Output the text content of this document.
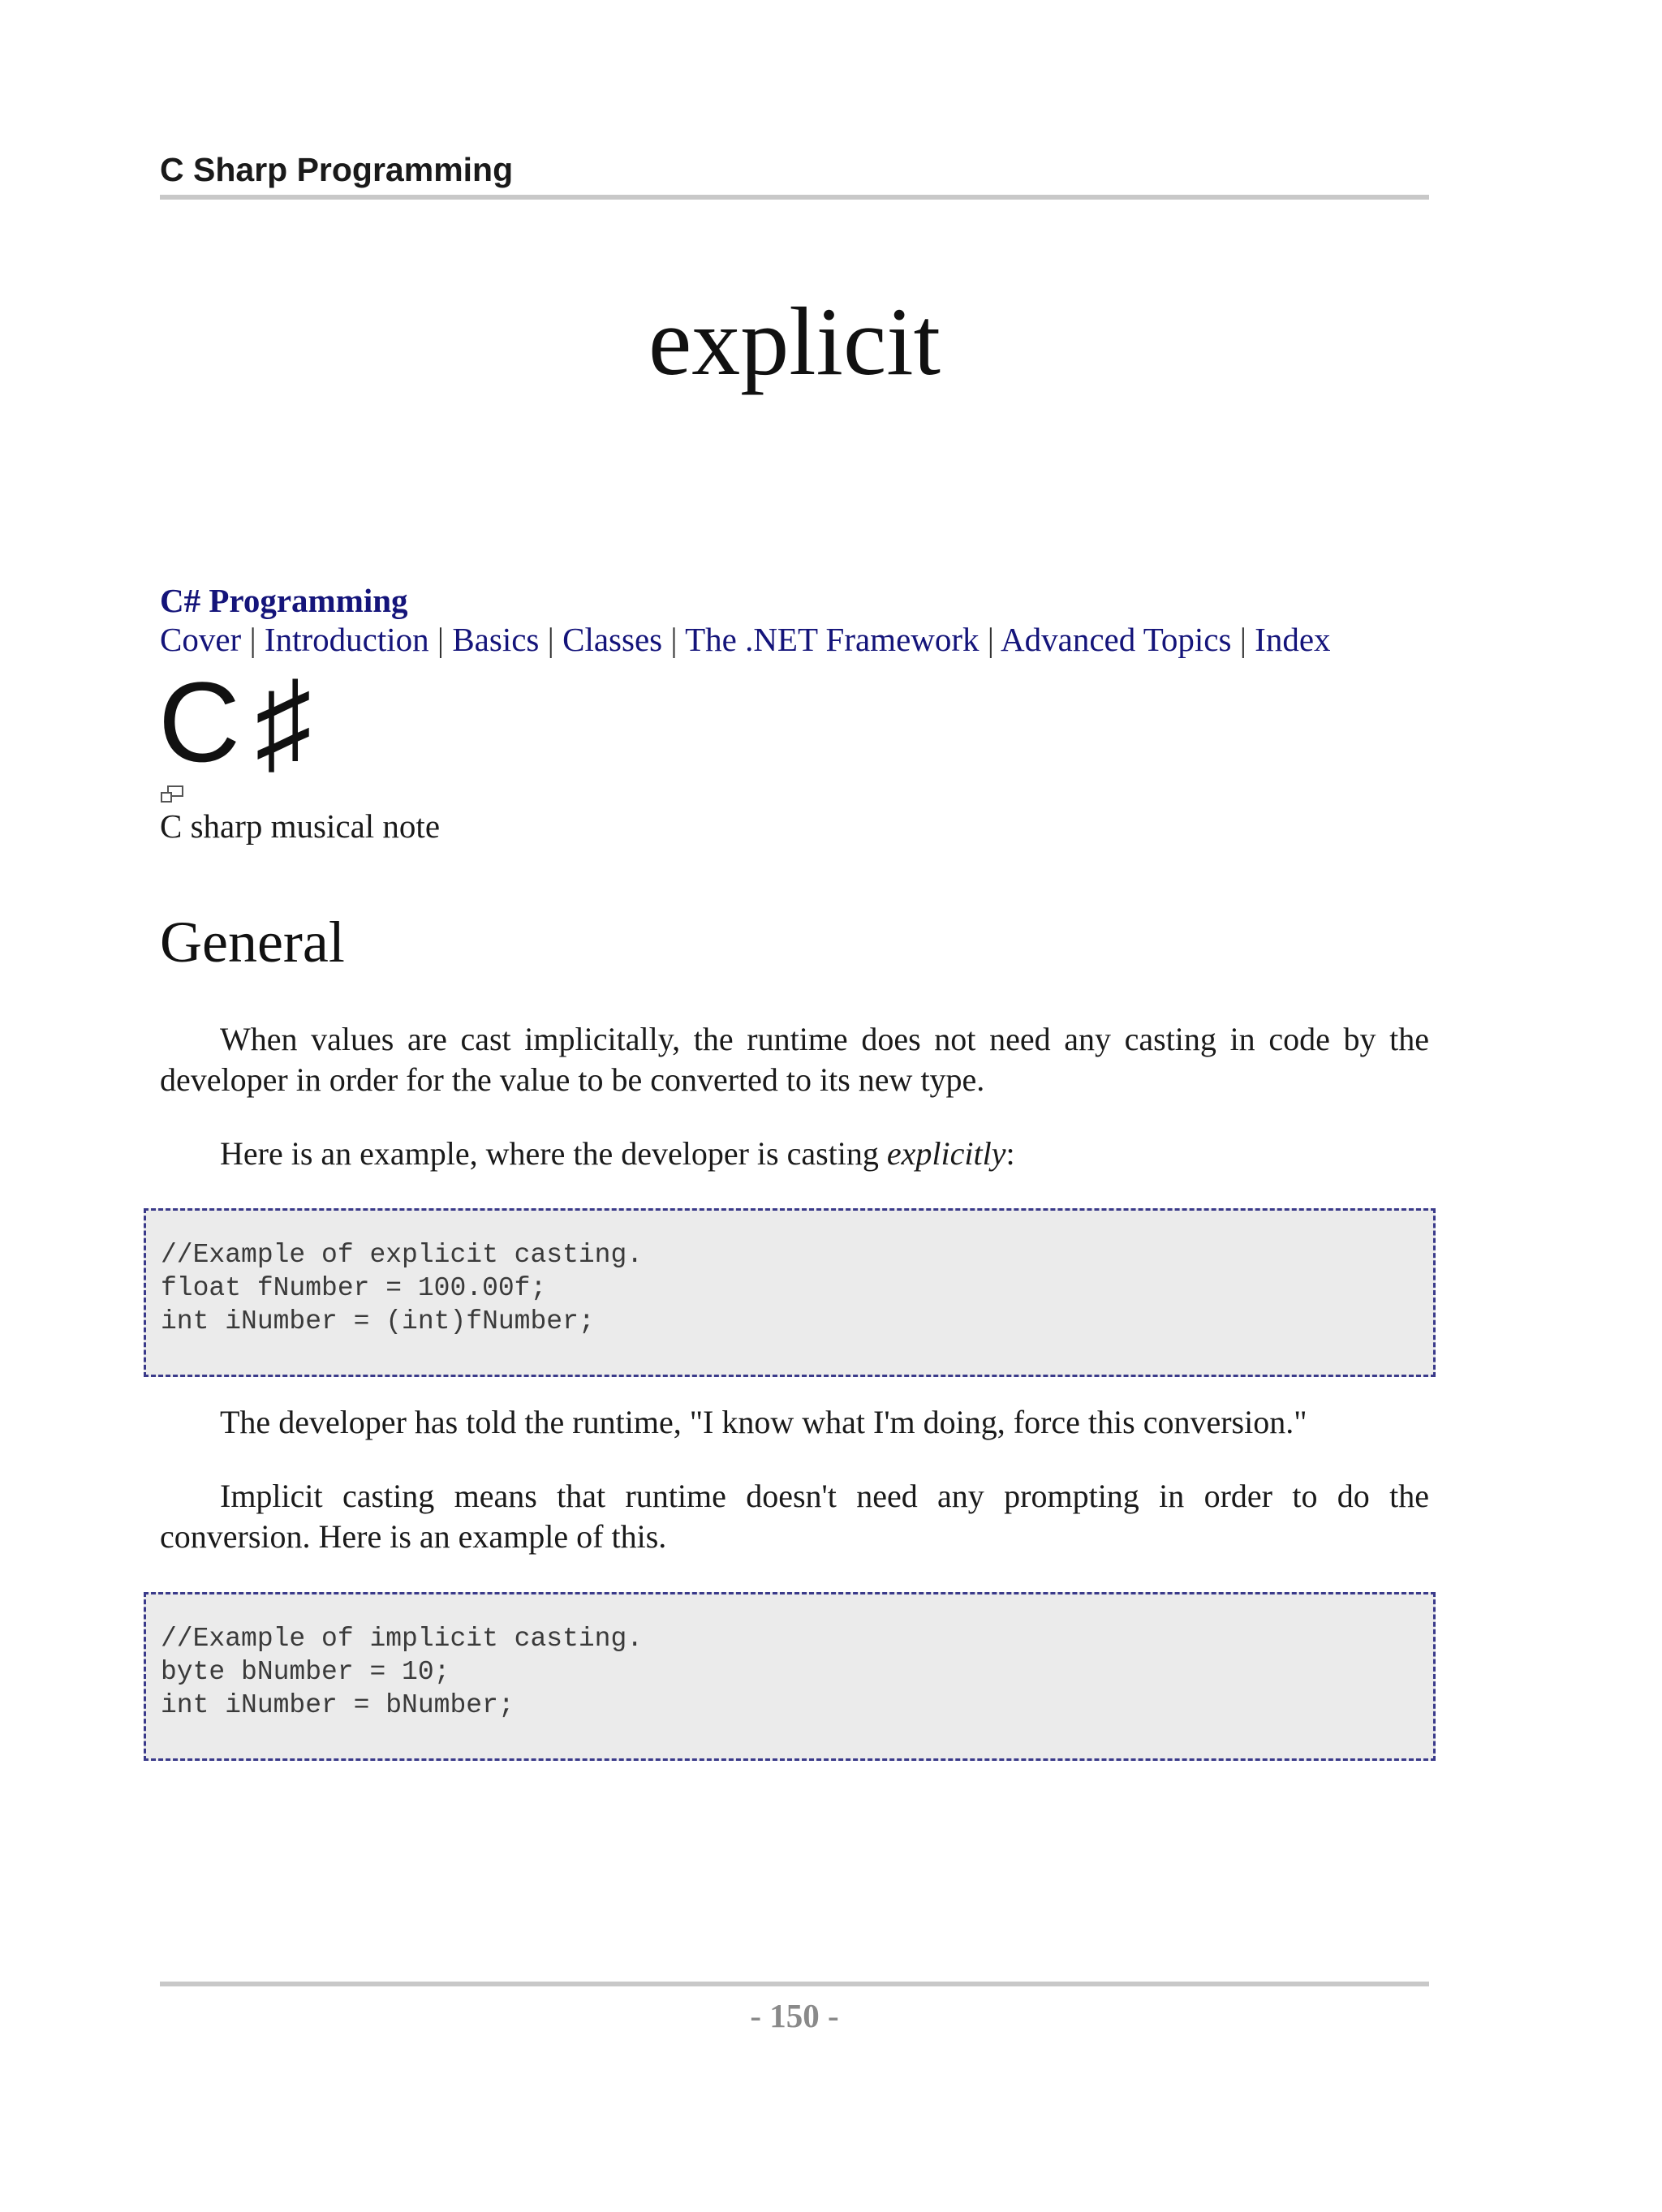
C Sharp Programming
explicit
C# Programming
Cover | Introduction | Basics | Classes | The .NET Framework | Advanced Topics | Index
C ♯
C sharp musical note
General
When values are cast implicitally, the runtime does not need any casting in code by the developer in order for the value to be converted to its new type.
Here is an example, where the developer is casting explicitly:
//Example of explicit casting.
float fNumber = 100.00f;
int iNumber = (int)fNumber;
The developer has told the runtime, "I know what I'm doing, force this conversion."
Implicit casting means that runtime doesn't need any prompting in order to do the conversion. Here is an example of this.
//Example of implicit casting.
byte bNumber = 10;
int iNumber = bNumber;
- 150 -
